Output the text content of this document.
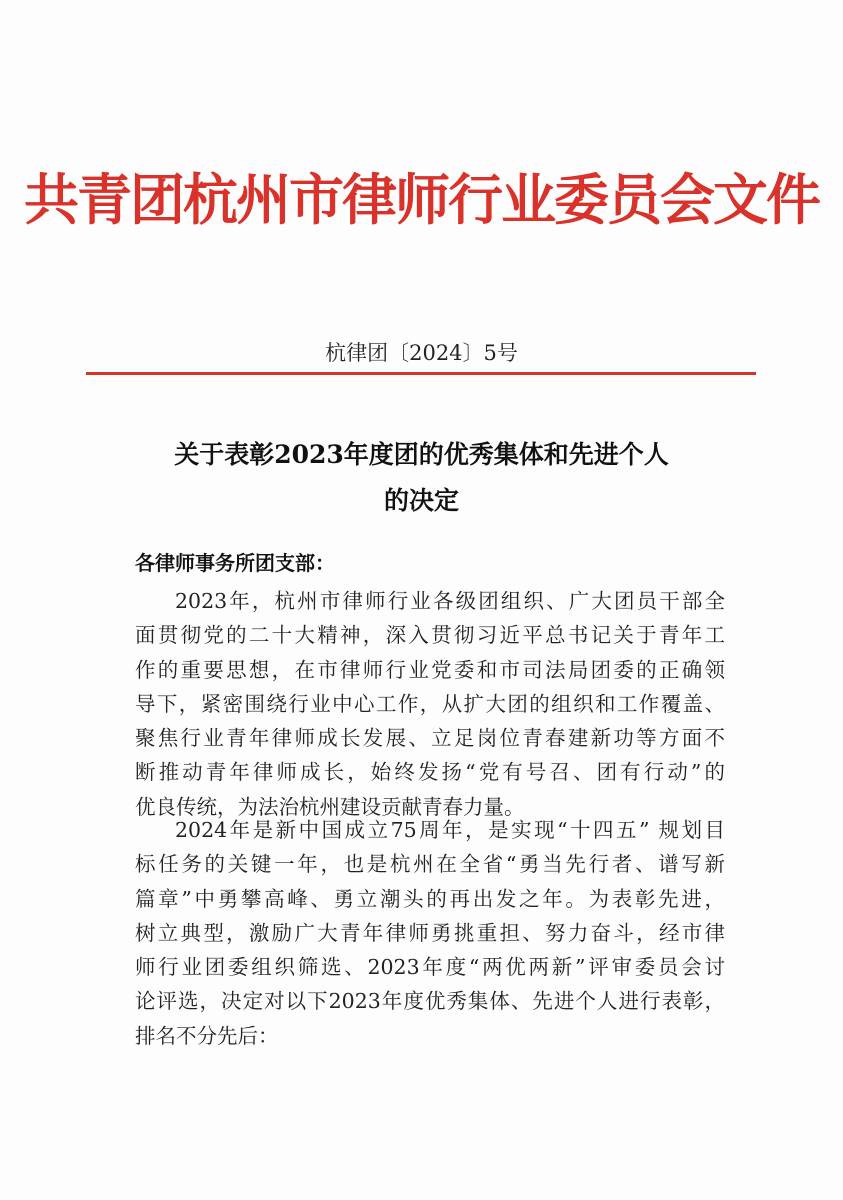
共青团杭州市律师行业委员会文件
杭律团〔2024〕5号
关于表彰2023年度团的优秀集体和先进个人
的决定
各律师事务所团支部：
2023年，杭州市律师行业各级团组织、广大团员干部全
面贯彻党的二十大精神，深入贯彻习近平总书记关于青年工
作的重要思想，在市律师行业党委和市司法局团委的正确领
导下，紧密围绕行业中心工作，从扩大团的组织和工作覆盖、
聚焦行业青年律师成长发展、立足岗位青春建新功等方面不
断推动青年律师成长，始终发扬“党有号召、团有行动”的
优良传统，为法治杭州建设贡献青春力量。
2024年是新中国成立75周年，是实现“十四五” 规划目
标任务的关键一年，也是杭州在全省“勇当先行者、谱写新
篇章”中勇攀高峰、勇立潮头的再出发之年。为表彰先进，
树立典型，激励广大青年律师勇挑重担、努力奋斗，经市律
师行业团委组织筛选、2023年度“两优两新”评审委员会讨
论评选，决定对以下2023年度优秀集体、先进个人进行表彰，
排名不分先后：
